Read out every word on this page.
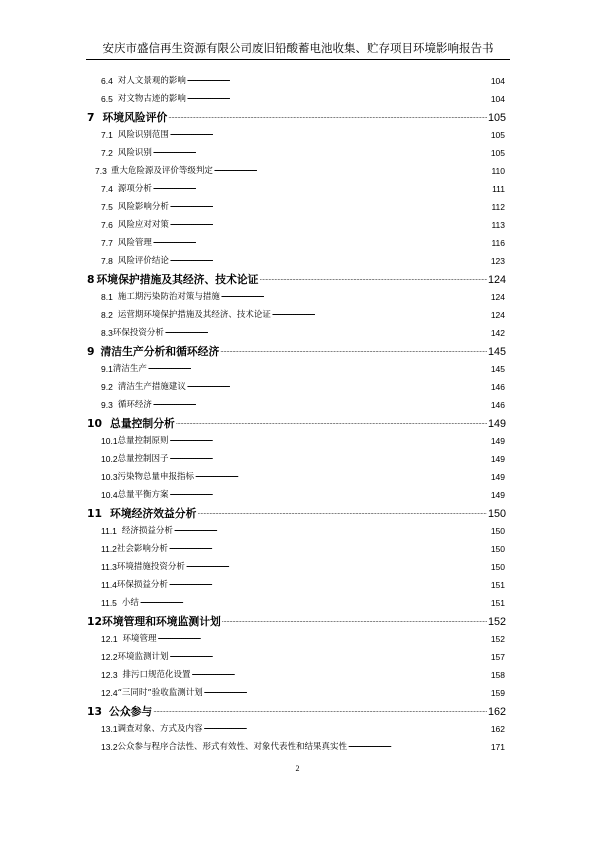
安庆市盛信再生资源有限公司废旧铅酸蓄电池收集、贮存项目环境影响报告书
6.4 对人文景观的影响 . . .	104
6.5 对文物古迹的影响 . . .	104
7 环境风险评价 . . .	105
7.1 风险识别范围 . . .	105
7.2 风险识别 . . .	105
7.3 重大危险源及评价等级判定 . . .	110
7.4 源项分析 . . .	111
7.5 风险影响分析 . . .	112
7.6 风险应对对策 . . .	113
7.7 风险管理 . . .	116
7.8 风险评价结论 . . .	123
8 环境保护措施及其经济、技术论证 . . .	124
8.1 施工期污染防治对策与措施 . . .	124
8.2 运营期环境保护措施及其经济、技术论证 . . .	124
8.3 环保投资分析 . . .	142
9 清洁生产分析和循环经济 . . .	145
9.1 清洁生产 . . .	145
9.2 清洁生产措施建议 . . .	146
9.3 循环经济 . . .	146
10 总量控制分析 . . .	149
10.1 总量控制原则 . . .	149
10.2 总量控制因子 . . .	149
10.3 污染物总量申报指标 . . .	149
10.4 总量平衡方案 . . .	149
11 环境经济效益分析 . . .	150
11.1 经济损益分析 . . .	150
11.2 社会影响分析 . . .	150
11.3 环境措施投资分析 . . .	150
11.4 环保损益分析 . . .	151
11.5 小结 . . .	151
12 环境管理和环境监测计划 . . .	152
12.1 环境管理 . . .	152
12.2 环境监测计划 . . .	157
12.3 排污口规范化设置 . . .	158
12.4 “三同时”验收监测计划 . . .	159
13 公众参与 . . .	162
13.1 调查对象、方式及内容 . . .	162
13.2 公众参与程序合法性、形式有效性、对象代表性和结果真实性 . . .	171
2
